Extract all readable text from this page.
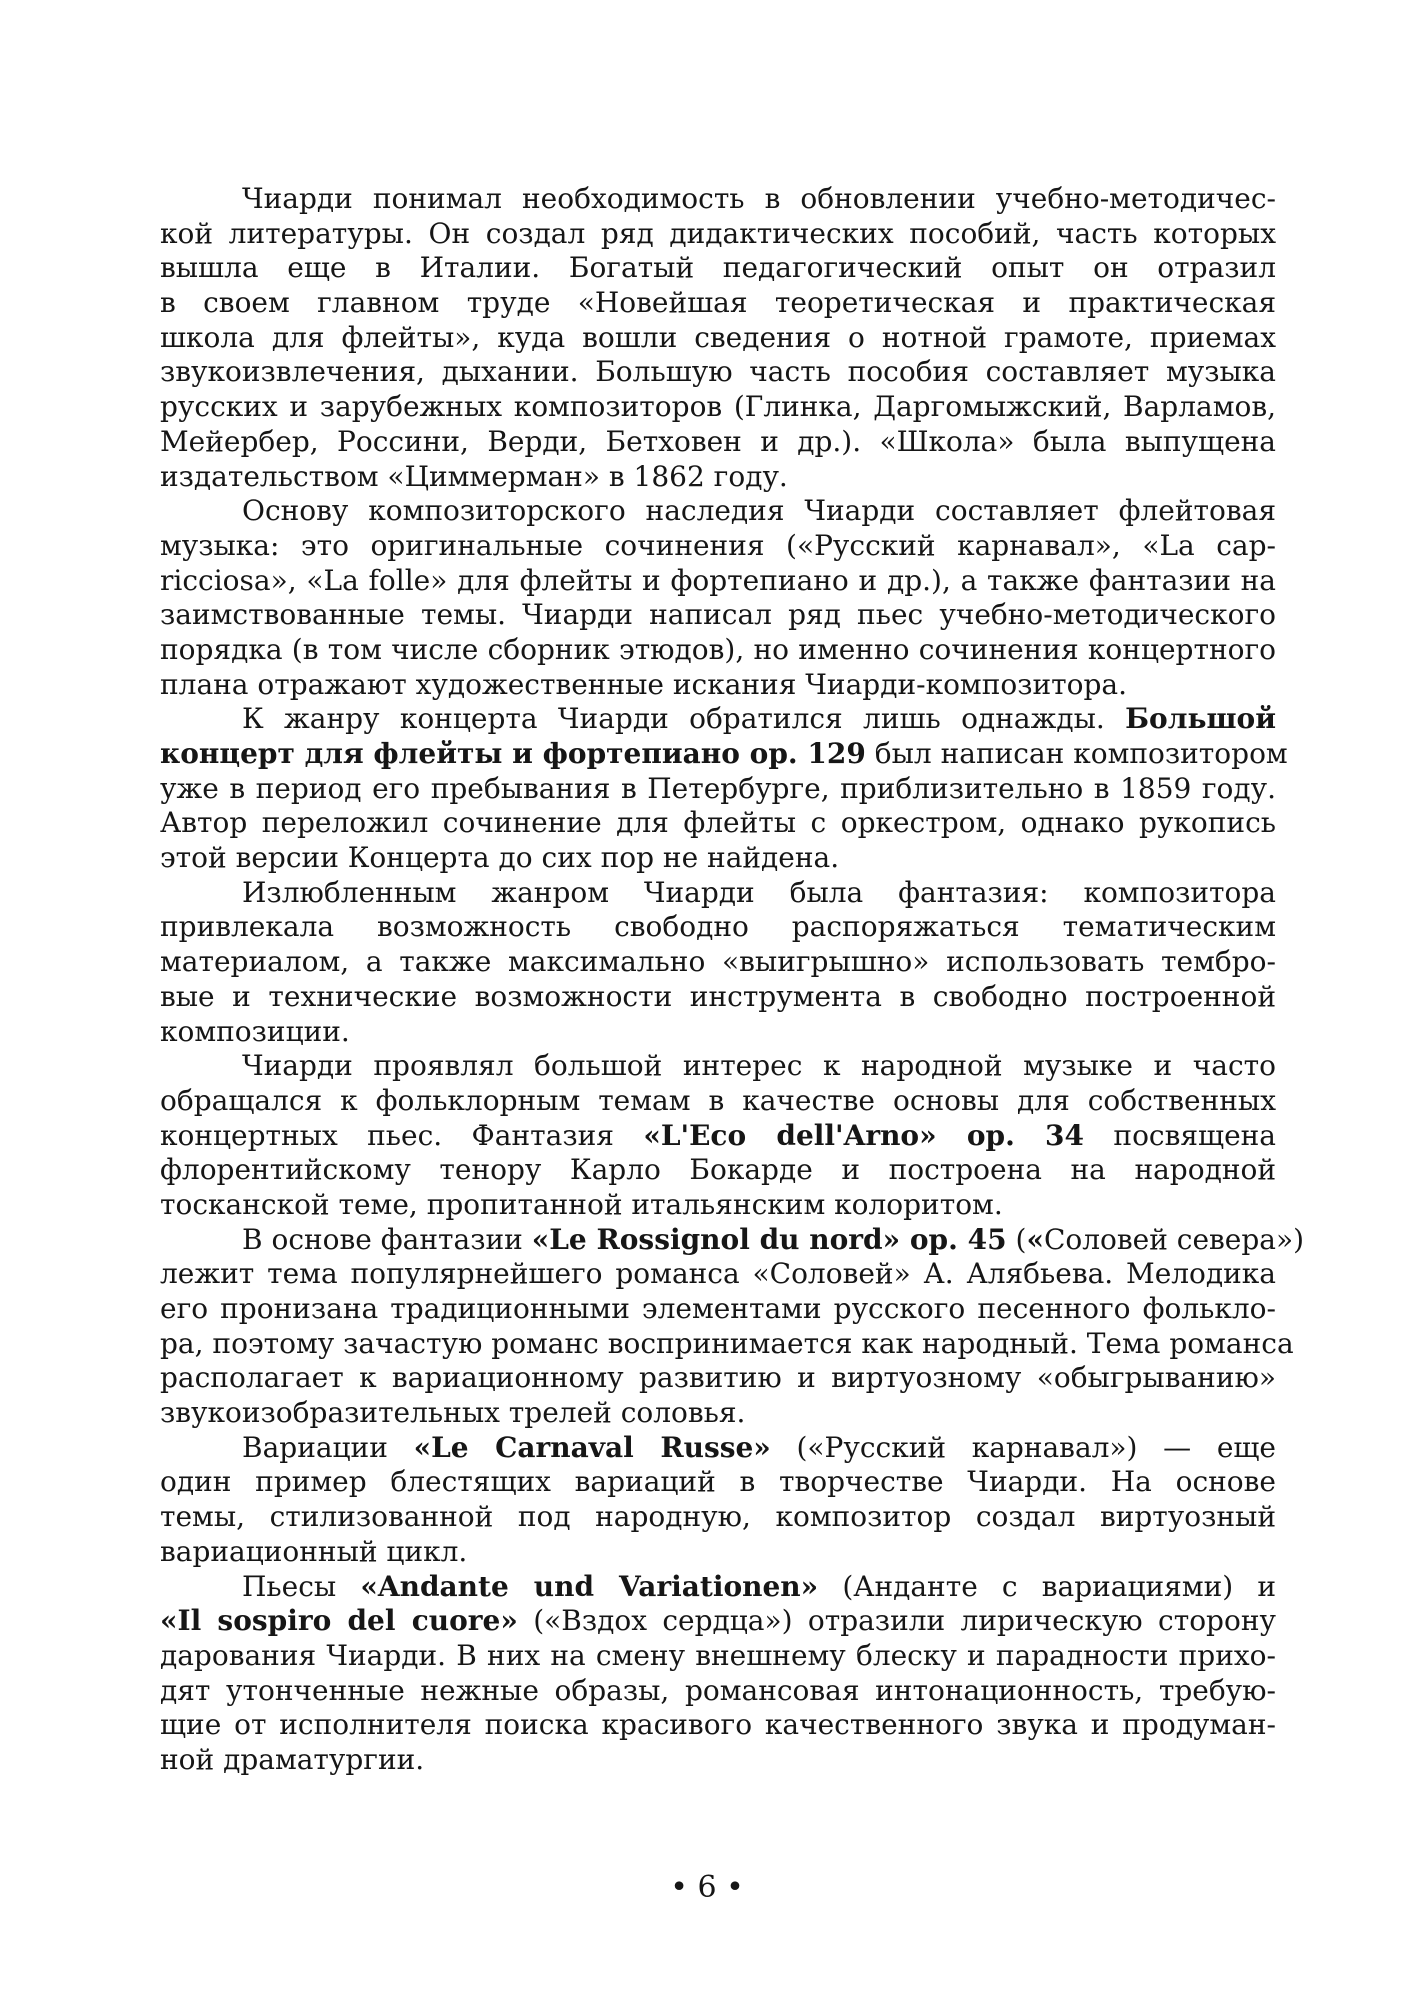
Чиарди понимал необходимость в обновлении учебно-методичес-
кой литературы. Он создал ряд дидактических пособий, часть которых
вышла еще в Италии. Богатый педагогический опыт он отразил
в своем главном труде «Новейшая теоретическая и практическая
школа для флейты», куда вошли сведения о нотной грамоте, приемах
звукоизвлечения, дыхании. Большую часть пособия составляет музыка
русских и зарубежных композиторов (Глинка, Даргомыжский, Варламов,
Мейербер, Россини, Верди, Бетховен и др.). «Школа» была выпущена
издательством «Циммерман» в 1862 году.
Основу композиторского наследия Чиарди составляет флейтовая
музыка: это оригинальные сочинения («Русский карнавал», «La cap-
ricciosa», «La folle» для флейты и фортепиано и др.), а также фантазии на
заимствованные темы. Чиарди написал ряд пьес учебно-методического
порядка (в том числе сборник этюдов), но именно сочинения концертного
плана отражают художественные искания Чиарди-композитора.
К жанру концерта Чиарди обратился лишь однажды. Большой
концерт для флейты и фортепиано ор. 129 был написан композитором
уже в период его пребывания в Петербурге, приблизительно в 1859 году.
Автор переложил сочинение для флейты с оркестром, однако рукопись
этой версии Концерта до сих пор не найдена.
Излюбленным жанром Чиарди была фантазия: композитора
привлекала возможность свободно распоряжаться тематическим
материалом, а также максимально «выигрышно» использовать тембро-
вые и технические возможности инструмента в свободно построенной
композиции.
Чиарди проявлял большой интерес к народной музыке и часто
обращался к фольклорным темам в качестве основы для собственных
концертных пьес. Фантазия «L'Eco dell'Arno» ор. 34 посвящена
флорентийскому тенору Карло Бокарде и построена на народной
тосканской теме, пропитанной итальянским колоритом.
В основе фантазии «Le Rossignol du nord» ор. 45 («Соловей севера»)
лежит тема популярнейшего романса «Соловей» А. Алябьева. Мелодика
его пронизана традиционными элементами русского песенного фольклo-
ра, поэтому зачастую романс воспринимается как народный. Тема романса
располагает к вариационному развитию и виртуозному «обыгрыванию»
звукоизобразительных трелей соловья.
Вариации «Le Carnaval Russe» («Русский карнавал») — еще
один пример блестящих вариаций в творчестве Чиарди. На основе
темы, стилизованной под народную, композитор создал виртуозный
вариационный цикл.
Пьесы «Andante und Variationen» (Анданте с вариациями) и
«Il sospiro del cuore» («Вздох сердца») отразили лирическую сторону
дарования Чиарди. В них на смену внешнему блеску и парадности прихо-
дят утонченные нежные образы, романсовая интонационность, требую-
щие от исполнителя поиска красивого качественного звука и продуман-
ной драматургии.
• 6 •
